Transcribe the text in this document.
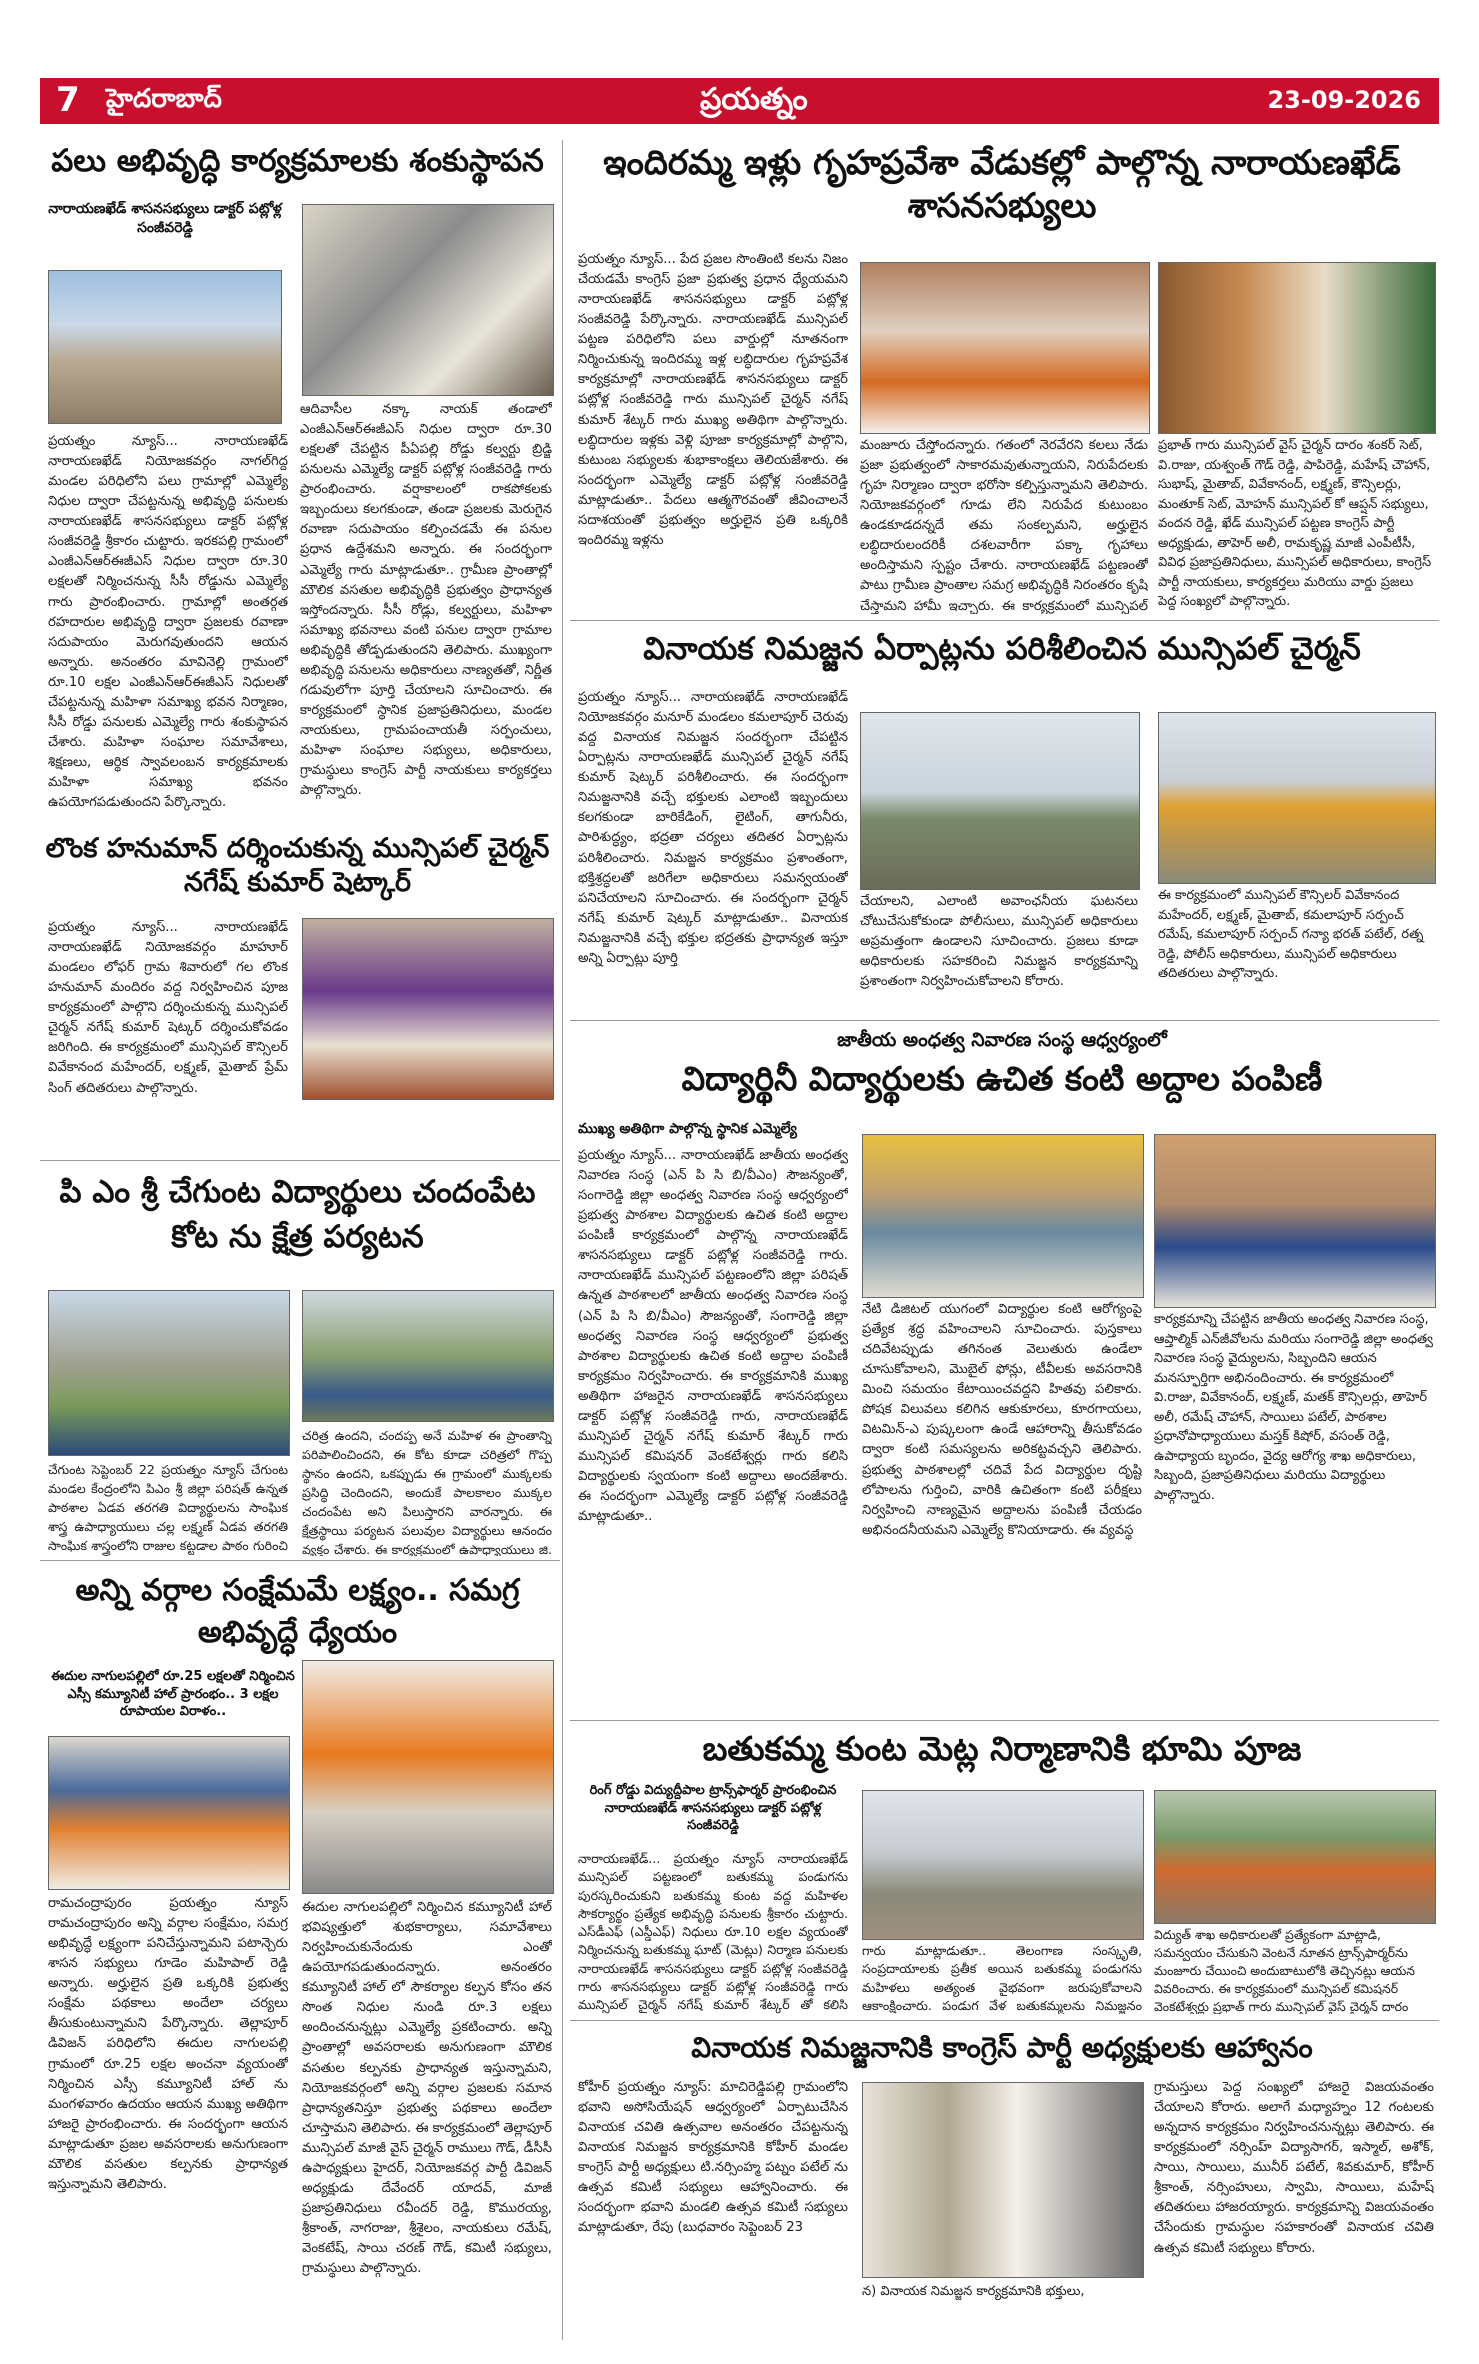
7 హైదరాబాద్	ప్రయత్నం	23-09-2026
పలు అభివృద్ధి కార్యక్రమాలకు శంకుస్థాపన
నారాయణఖేడ్ శాసనసభ్యులు డాక్టర్ పట్లోళ్ల సంజీవరెడ్డి
ప్రయత్నం న్యూస్... నారాయణఖేడ్ నారాయణఖేడ్ నియోజకవర్గం నాగల్‌గిద్ద మండల పరిధిలోని పలు గ్రామాల్లో ఎమ్మెల్యే నిధుల ద్వారా చేపట్టనున్న అభివృద్ధి పనులకు నారాయణఖేడ్ శాసనసభ్యులు డాక్టర్ పట్లోళ్ల సంజీవరెడ్డి శ్రీకారం చుట్టారు. ఇరకపల్లి గ్రామంలో ఎంజీఎన్ఆర్ఈజీఎస్ నిధుల ద్వారా రూ.30 లక్షలతో నిర్మించనున్న సీసీ రోడ్డును ఎమ్మెల్యే గారు ప్రారంభించారు. గ్రామాల్లో అంతర్గత రహదారుల అభివృద్ధి ద్వారా ప్రజలకు రవాణా సదుపాయం మెరుగవుతుందని ఆయన అన్నారు. అనంతరం మావినెల్లి గ్రామంలో రూ.10 లక్షల ఎంజీఎన్ఆర్ఈజీఎస్ నిధులతో చేపట్టనున్న మహిళా సమాఖ్య భవన నిర్మాణం, సీసీ రోడ్డు పనులకు ఎమ్మెల్యే గారు శంకుస్థాపన చేశారు. మహిళా సంఘాల సమావేశాలు, శిక్షణలు, ఆర్థిక స్వావలంబన కార్యక్రమాలకు మహిళా సమాఖ్య భవనం ఉపయోగపడుతుందని పేర్కొన్నారు.
ఆదివాసీల నక్కా నాయక్ తండాలో ఎంజీఎన్ఆర్ఈజీఎస్ నిధుల ద్వారా రూ.30 లక్షలతో చేపట్టిన పీఏపల్లి రోడ్డు కల్వర్టు బ్రిడ్జి పనులను ఎమ్మెల్యే డాక్టర్ పట్లోళ్ల సంజీవరెడ్డి గారు ప్రారంభించారు. వర్షాకాలంలో రాకపోకలకు ఇబ్బందులు కలగకుండా, తండా ప్రజలకు మెరుగైన రవాణా సదుపాయం కల్పించడమే ఈ పనుల ప్రధాన ఉద్దేశమని అన్నారు. ఈ సందర్భంగా ఎమ్మెల్యే గారు మాట్లాడుతూ.. గ్రామీణ ప్రాంతాల్లో మౌలిక వసతుల అభివృద్ధికి ప్రభుత్వం ప్రాధాన్యత ఇస్తోందన్నారు. సీసీ రోడ్లు, కల్వర్టులు, మహిళా సమాఖ్య భవనాలు వంటి పనుల ద్వారా గ్రామాల అభివృద్ధికి తోడ్పడుతుందని తెలిపారు. ముఖ్యంగా అభివృద్ధి పనులను అధికారులు నాణ్యతతో, నిర్ణీత గడువులోగా పూర్తి చేయాలని సూచించారు. ఈ కార్యక్రమంలో స్థానిక ప్రజాప్రతినిధులు, మండల నాయకులు, గ్రామపంచాయతీ సర్పంచులు, మహిళా సంఘాల సభ్యులు, అధికారులు, గ్రామస్థులు కాంగ్రెస్ పార్టీ నాయకులు కార్యకర్తలు పాల్గొన్నారు.
ఇందిరమ్మ ఇళ్లు గృహప్రవేశా వేడుకల్లో పాల్గొన్న నారాయణఖేడ్ శాసనసభ్యులు
ప్రయత్నం న్యూస్... పేద ప్రజల సొంతింటి కలను నిజం చేయడమే కాంగ్రెస్ ప్రజా ప్రభుత్వ ప్రధాన ధ్యేయమని నారాయణఖేడ్ శాసనసభ్యులు డాక్టర్ పట్లోళ్ల సంజీవరెడ్డి పేర్కొన్నారు. నారాయణఖేడ్ మున్సిపల్ పట్టణ పరిధిలోని పలు వార్డుల్లో నూతనంగా నిర్మించుకున్న ఇందిరమ్మ ఇళ్ల లబ్ధిదారుల గృహప్రవేశ కార్యక్రమాల్లో నారాయణఖేడ్ శాసనసభ్యులు డాక్టర్ పట్లోళ్ల సంజీవరెడ్డి గారు మున్సిపల్ చైర్మన్ నగేష్ కుమార్ శేట్కర్ గారు ముఖ్య అతిథిగా పాల్గొన్నారు. లబ్ధిదారుల ఇళ్లకు వెళ్లి పూజా కార్యక్రమాల్లో పాల్గొని, కుటుంబ సభ్యులకు శుభాకాంక్షలు తెలియజేశారు. ఈ సందర్భంగా ఎమ్మెల్యే డాక్టర్ పట్లోళ్ల సంజీవరెడ్డి మాట్లాడుతూ.. పేదలు ఆత్మగౌరవంతో జీవించాలనే సదాశయంతో ప్రభుత్వం అర్హులైన ప్రతి ఒక్కరికి ఇందిరమ్మ ఇళ్లను
మంజూరు చేస్తోందన్నారు. గతంలో నెరవేరని కలలు నేడు ప్రజా ప్రభుత్వంలో సాకారమవుతున్నాయని, నిరుపేదలకు గృహ నిర్మాణం ద్వారా భరోసా కల్పిస్తున్నామని తెలిపారు. నియోజకవర్గంలో గూడు లేని నిరుపేద కుటుంబం ఉండకూడదన్నదే తమ సంకల్పమని, అర్హులైన లబ్ధిదారులందరికీ దశలవారీగా పక్కా గృహాలు అందిస్తామని స్పష్టం చేశారు. నారాయణఖేడ్ పట్టణంతో పాటు గ్రామీణ ప్రాంతాల సమగ్ర అభివృద్ధికి నిరంతరం కృషి చేస్తామని హామీ ఇచ్చారు. ఈ కార్యక్రమంలో మున్సిపల్
ప్రభాత్ గారు మున్సిపల్ వైస్ చైర్మన్ దారం శంకర్ సెట్, వి.రాజు, యశ్వంత్ గౌడ్ రెడ్డి, పాపిరెడ్డి, మహేష్ చౌహాన్, సుభాష్, మైతాబ్, వివేకానంద్, లక్ష్మణ్, కౌన్సిలర్లు, మంతూక్ సెట్, మోహన్ మున్సిపల్ కో ఆప్షన్ సభ్యులు, వందన రెడ్డి, ఖేడ్ మున్సిపల్ పట్టణ కాంగ్రెస్ పార్టీ అధ్యక్షుడు, తాహెర్ అలీ, రామకృష్ణ మాజీ ఎంపీటీసీ, వివిధ ప్రజాప్రతినిధులు, మున్సిపల్ అధికారులు, కాంగ్రెస్ పార్టీ నాయకులు, కార్యకర్తలు మరియు వార్డు ప్రజలు పెద్ద సంఖ్యలో పాల్గొన్నారు.
లొంక హనుమాన్ దర్శించుకున్న మున్సిపల్ చైర్మన్ నగేష్ కుమార్ షెట్కార్
ప్రయత్నం న్యూస్... నారాయణఖేడ్ నారాయణఖేడ్ నియోజకవర్గం మాహూర్ మండలం లోఫర్ గ్రామ శివారులో గల లొంక హనుమాన్ మందిరం వద్ద నిర్వహించిన పూజ కార్యక్రమంలో పాల్గొని దర్శించుకున్న మున్సిపల్ చైర్మన్ నగేష్ కుమార్ షెట్కర్ దర్శించుకోవడం జరిగింది. ఈ కార్యక్రమంలో మున్సిపల్ కౌన్సిలర్ వివేకానంద మహేందర్, లక్ష్మణ్, మైతాబ్ ప్రేమ్ సింగ్ తదితరులు పాల్గొన్నారు.
వినాయక నిమజ్జన ఏర్పాట్లను పరిశీలించిన మున్సిపల్ చైర్మన్
ప్రయత్నం న్యూస్... నారాయణఖేడ్ నారాయణఖేడ్ నియోజకవర్గం మనూర్ మండలం కమలాపూర్ చెరువు వద్ద వినాయక నిమజ్జన సందర్భంగా చేపట్టిన ఏర్పాట్లను నారాయణఖేడ్ మున్సిపల్ చైర్మన్ నగేష్ కుమార్ షెట్కర్ పరిశీలించారు. ఈ సందర్భంగా నిమజ్జనానికి వచ్చే భక్తులకు ఎలాంటి ఇబ్బందులు కలగకుండా బారికేడింగ్, లైటింగ్, తాగునీరు, పారిశుద్ధ్యం, భద్రతా చర్యలు తదితర ఏర్పాట్లను పరిశీలించారు. నిమజ్జన కార్యక్రమం ప్రశాంతంగా, భక్తిశ్రద్ధలతో జరిగేలా అధికారులు సమన్వయంతో పనిచేయాలని సూచించారు. ఈ సందర్భంగా చైర్మన్ నగేష్ కుమార్ షెట్కర్ మాట్లాడుతూ.. వినాయక నిమజ్జనానికి వచ్చే భక్తుల భద్రతకు ప్రాధాన్యత ఇస్తూ అన్ని ఏర్పాట్లు పూర్తి
చేయాలని, ఎలాంటి అవాంఛనీయ ఘటనలు చోటుచేసుకోకుండా పోలీసులు, మున్సిపల్ అధికారులు అప్రమత్తంగా ఉండాలని సూచించారు. ప్రజలు కూడా అధికారులకు సహకరించి నిమజ్జన కార్యక్రమాన్ని ప్రశాంతంగా నిర్వహించుకోవాలని కోరారు.
ఈ కార్యక్రమంలో మున్సిపల్ కౌన్సిలర్ వివేకానంద మహేందర్, లక్ష్మణ్, మైతాబ్, కమలాపూర్ సర్పంచ్ రమేష్, కమలాపూర్ సర్పంచ్ గన్యా భరత్ పటేల్, రత్న రెడ్డి, పోలీస్ అధికారులు, మున్సిపల్ అధికారులు తదితరులు పాల్గొన్నారు.
పి ఎం శ్రీ చేగుంట విద్యార్థులు చందంపేట కోట ను క్షేత్ర పర్యటన
చేగుంట సెప్టెంబర్ 22 ప్రయత్నం న్యూస్ చేగుంట మండల కేంద్రంలోని పిఎం శ్రీ జిల్లా పరిషత్ ఉన్నత పాఠశాల ఏడవ తరగతి విద్యార్థులను సాంఘిక శాస్త్ర ఉపాధ్యాయులు చల్ల లక్ష్మణ్ ఏడవ తరగతి సాంఘిక శాస్త్రంలోని రాజుల కట్టడాల పాఠం గురించి
చరిత్ర ఉందని, చందప్ప అనే మహిళ ఈ ప్రాంతాన్ని పరిపాలించిందని, ఈ కోట కూడా చరిత్రలో గొప్ప స్థానం ఉందని, ఒకప్పుడు ఈ గ్రామంలో ముక్కలకు ప్రసిద్ధి చెందిందని, అందుకే పాలకాలం ముక్కల చందంపేట అని పిలుస్తారని వారన్నారు. ఈ క్షేత్రస్థాయి పర్యటన పలువుల విద్యార్థులు ఆనందం వ్యక్తం చేశారు. ఈ కార్యక్రమంలో ఉపాధ్యాయులు జి.
జాతీయ అంధత్వ నివారణ సంస్థ ఆధ్వర్యంలో
విద్యార్థినీ విద్యార్థులకు ఉచిత కంటి అద్దాల పంపిణీ
ముఖ్య అతిథిగా పాల్గొన్న స్థానిక ఎమ్మెల్యే
ప్రయత్నం న్యూస్... నారాయణఖేడ్ జాతీయ అంధత్వ నివారణ సంస్థ (ఎన్ పి సి బి/వీఎం) సౌజన్యంతో, సంగారెడ్డి జిల్లా అంధత్వ నివారణ సంస్థ ఆధ్వర్యంలో ప్రభుత్వ పాఠశాల విద్యార్థులకు ఉచిత కంటి అద్దాల పంపిణీ కార్యక్రమంలో పాల్గొన్న నారాయణఖేడ్ శాసనసభ్యులు డాక్టర్ పట్లోళ్ల సంజీవరెడ్డి గారు. నారాయణఖేడ్ మున్సిపల్ పట్టణంలోని జిల్లా పరిషత్ ఉన్నత పాఠశాలలో జాతీయ అంధత్వ నివారణ సంస్థ (ఎన్ పి సి బి/వీఎం) సౌజన్యంతో, సంగారెడ్డి జిల్లా అంధత్వ నివారణ సంస్థ ఆధ్వర్యంలో ప్రభుత్వ పాఠశాల విద్యార్థులకు ఉచిత కంటి అద్దాల పంపిణీ కార్యక్రమం నిర్వహించారు. ఈ కార్యక్రమానికి ముఖ్య అతిథిగా హాజరైన నారాయణఖేడ్ శాసనసభ్యులు డాక్టర్ పట్లోళ్ల సంజీవరెడ్డి గారు, నారాయణఖేడ్ మున్సిపల్ చైర్మన్ నగేష్ కుమార్ శేట్కర్ గారు మున్సిపల్ కమిషనర్ వెంకటేశ్వర్లు గారు కలిసి విద్యార్థులకు స్వయంగా కంటి అద్దాలు అందజేశారు. ఈ సందర్భంగా ఎమ్మెల్యే డాక్టర్ పట్లోళ్ల సంజీవరెడ్డి మాట్లాడుతూ..
నేటి డిజిటల్ యుగంలో విద్యార్థుల కంటి ఆరోగ్యంపై ప్రత్యేక శ్రద్ధ వహించాలని సూచించారు. పుస్తకాలు చదివేటప్పుడు తగినంత వెలుతురు ఉండేలా చూసుకోవాలని, మొబైల్ ఫోన్లు, టీవీలకు అవసరానికి మించి సమయం కేటాయించవద్దని హితవు పలికారు. పోషక విలువలు కలిగిన ఆకుకూరలు, కూరగాయలు, విటమిన్-ఎ పుష్కలంగా ఉండే ఆహారాన్ని తీసుకోవడం ద్వారా కంటి సమస్యలను అరికట్టవచ్చని తెలిపారు. ప్రభుత్వ పాఠశాలల్లో చదివే పేద విద్యార్థుల దృష్టి లోపాలను గుర్తించి, వారికి ఉచితంగా కంటి పరీక్షలు నిర్వహించి నాణ్యమైన అద్దాలను పంపిణీ చేయడం అభినందనీయమని ఎమ్మెల్యే కొనియాడారు. ఈ వ్యవస్థ
కార్యక్రమాన్ని చేపట్టిన జాతీయ అంధత్వ నివారణ సంస్థ, ఆప్తాల్మిక్ ఎన్‌జీవోలను మరియు సంగారెడ్డి జిల్లా అంధత్వ నివారణ సంస్థ వైద్యులను, సిబ్బందిని ఆయన మనస్ఫూర్తిగా అభినందించారు. ఈ కార్యక్రమంలో వి.రాజు, వివేకానంద్, లక్ష్మణ్, మతక్ కౌన్సిలర్లు, తాహెర్ అలీ, రమేష్ చౌహాన్, సాయిలు పటేల్, పాఠశాల ప్రధానోపాధ్యాయులు మస్తక్ కిషోర్, వసంత్ రెడ్డి, ఉపాధ్యాయ బృందం, వైద్య ఆరోగ్య శాఖ అధికారులు, సిబ్బంది, ప్రజాప్రతినిధులు మరియు విద్యార్థులు పాల్గొన్నారు.
అన్ని వర్గాల సంక్షేమమే లక్ష్యం.. సమగ్ర అభివృద్ధే ధ్యేయం
ఈదుల నాగులపల్లిలో రూ.25 లక్షలతో నిర్మించిన ఎస్సీ కమ్యూనిటీ హాల్ ప్రారంభం.. 3 లక్షల రూపాయల విరాళం..
రామచంద్రాపురం ప్రయత్నం న్యూస్ రామచంద్రాపురం అన్ని వర్గాల సంక్షేమం, సమగ్ర అభివృద్ధే లక్ష్యంగా పనిచేస్తున్నామని పటాన్చెరు శాసన సభ్యులు గూడెం మహిపాల్ రెడ్డి అన్నారు. అర్హులైన ప్రతి ఒక్కరికి ప్రభుత్వ సంక్షేమ పథకాలు అందేలా చర్యలు తీసుకుంటున్నామని పేర్కొన్నారు. తెల్లాపూర్ డివిజన్ పరిధిలోని ఈదుల నాగులపల్లి గ్రామంలో రూ.25 లక్షల అంచనా వ్యయంతో నిర్మించిన ఎస్సీ కమ్యూనిటీ హాల్ ను మంగళవారం ఉదయం ఆయన ముఖ్య అతిథిగా హాజరై ప్రారంభించారు. ఈ సందర్భంగా ఆయన మాట్లాడుతూ ప్రజల అవసరాలకు అనుగుణంగా మౌలిక వసతుల కల్పనకు ప్రాధాన్యత ఇస్తున్నామని తెలిపారు.
ఈదుల నాగులపల్లిలో నిర్మించిన కమ్యూనిటీ హాల్ భవిష్యత్తులో శుభకార్యాలు, సమావేశాలు నిర్వహించుకునేందుకు ఎంతో ఉపయోగపడుతుందన్నారు. అనంతరం కమ్యూనిటీ హాల్ లో సౌకర్యాల కల్పన కోసం తన సొంత నిధుల నుండి రూ.3 లక్షలు అందించనున్నట్లు ఎమ్మెల్యే ప్రకటించారు. అన్ని ప్రాంతాల్లో అవసరాలకు అనుగుణంగా మౌలిక వసతుల కల్పనకు ప్రాధాన్యత ఇస్తున్నామని, నియోజకవర్గంలో అన్ని వర్గాల ప్రజలకు సమాన ప్రాధాన్యతనిస్తూ ప్రభుత్వ పథకాలు అందేలా చూస్తామని తెలిపారు. ఈ కార్యక్రమంలో తెల్లాపూర్ మున్సిపల్ మాజీ వైస్ చైర్మన్ రాములు గౌడ్, డీసీసీ ఉపాధ్యక్షులు హైదర్, నియోజకవర్గ పార్టీ డివిజన్ అధ్యక్షుడు దేవేందర్ యాదవ్, మాజీ ప్రజాప్రతినిధులు రవీందర్ రెడ్డి, కొమురయ్య, శ్రీకాంత్, నాగరాజు, శ్రీశైలం, నాయకులు రమేష్, వెంకటేష్, సాయి చరణ్ గౌడ్, కమిటీ సభ్యులు, గ్రామస్థులు పాల్గొన్నారు.
బతుకమ్మ కుంట మెట్ల నిర్మాణానికి భూమి పూజ
రింగ్ రోడ్డు విద్యుద్దీపాల ట్రాన్స్‌ఫార్మర్ ప్రారంభించిన నారాయణఖేడ్ శాసనసభ్యులు డాక్టర్ పట్లోళ్ల సంజీవరెడ్డి
నారాయణఖేడ్... ప్రయత్నం న్యూస్ నారాయణఖేడ్ మున్సిపల్ పట్టణంలో బతుకమ్మ పండుగను పురస్కరించుకుని బతుకమ్మ కుంట వద్ద మహిళల సౌకర్యార్థం ప్రత్యేక అభివృద్ధి పనులకు శ్రీకారం చుట్టారు. ఎస్‌డీఎఫ్ (ఎస్డీఎఫ్) నిధులు రూ.10 లక్షల వ్యయంతో నిర్మించనున్న బతుకమ్మ ఘాట్ (మెట్లు) నిర్మాణ పనులకు నారాయణఖేడ్ శాసనసభ్యులు డాక్టర్ పట్లోళ్ల సంజీవరెడ్డి గారు శాసనసభ్యులు డాక్టర్ పట్లోళ్ల సంజీవరెడ్డి గారు మున్సిపల్ చైర్మన్ నగేష్ కుమార్ శేట్కర్ తో కలిసి
గారు మాట్లాడుతూ.. తెలంగాణ సంస్కృతి, సంప్రదాయాలకు ప్రతీక అయిన బతుకమ్మ పండుగను మహిళలు అత్యంత వైభవంగా జరుపుకోవాలని ఆకాంక్షించారు. పండుగ వేళ బతుకమ్మలను నిమజ్జనం
విద్యుత్ శాఖ అధికారులతో ప్రత్యేకంగా మాట్లాడి, సమన్వయం చేసుకుని వెంటనే నూతన ట్రాన్స్‌ఫార్మర్‌ను మంజూరు చేయించి అందుబాటులోకి తెచ్చినట్లు ఆయన వివరించారు. ఈ కార్యక్రమంలో మున్సిపల్ కమిషనర్ వెంకటేశ్వర్లు ప్రభాత్ గారు మున్సిపల్ వైస్ చైర్మన్ దారం
వినాయక నిమజ్జనానికి కాంగ్రెస్ పార్టీ అధ్యక్షులకు ఆహ్వానం
కోహీర్ ప్రయత్నం న్యూస్: మాచిరెడ్డిపల్లి గ్రామంలోని భవాని అసోసియేషన్ ఆధ్వర్యంలో ఏర్పాటుచేసిన వినాయక చవితి ఉత్సవాల అనంతరం చేపట్టనున్న వినాయక నిమజ్జన కార్యక్రమానికి కోహీర్ మండల కాంగ్రెస్ పార్టీ అధ్యక్షులు టి.నర్సింహ్మ పట్నం పటేల్ ను ఉత్సవ కమిటీ సభ్యులు ఆహ్వానించారు. ఈ సందర్భంగా భవాని మండలి ఉత్సవ కమిటీ సభ్యులు మాట్లాడుతూ, రేపు (బుధవారం సెప్టెంబర్ 23
న) వినాయక నిమజ్జన కార్యక్రమానికి భక్తులు,
గ్రామస్తులు పెద్ద సంఖ్యలో హాజరై విజయవంతం చేయాలని కోరారు. అలాగే మధ్యాహ్నం 12 గంటలకు అన్నదాన కార్యక్రమం నిర్వహించనున్నట్లు తెలిపారు. ఈ కార్యక్రమంలో నర్సింహ్ విద్యాసాగర్, ఇస్మాల్, అశోక్, సాయి, సాయిలు, మునీర్ పటేల్, శివకుమార్, కోహీర్ శ్రీకాంత్, నర్సింహులు, స్వామి, సాయిలు, మహేష్ తదితరులు హాజరయ్యారు. కార్యక్రమాన్ని విజయవంతం చేసేందుకు గ్రామస్థుల సహకారంతో వినాయక చవితి ఉత్సవ కమిటీ సభ్యులు కోరారు.
